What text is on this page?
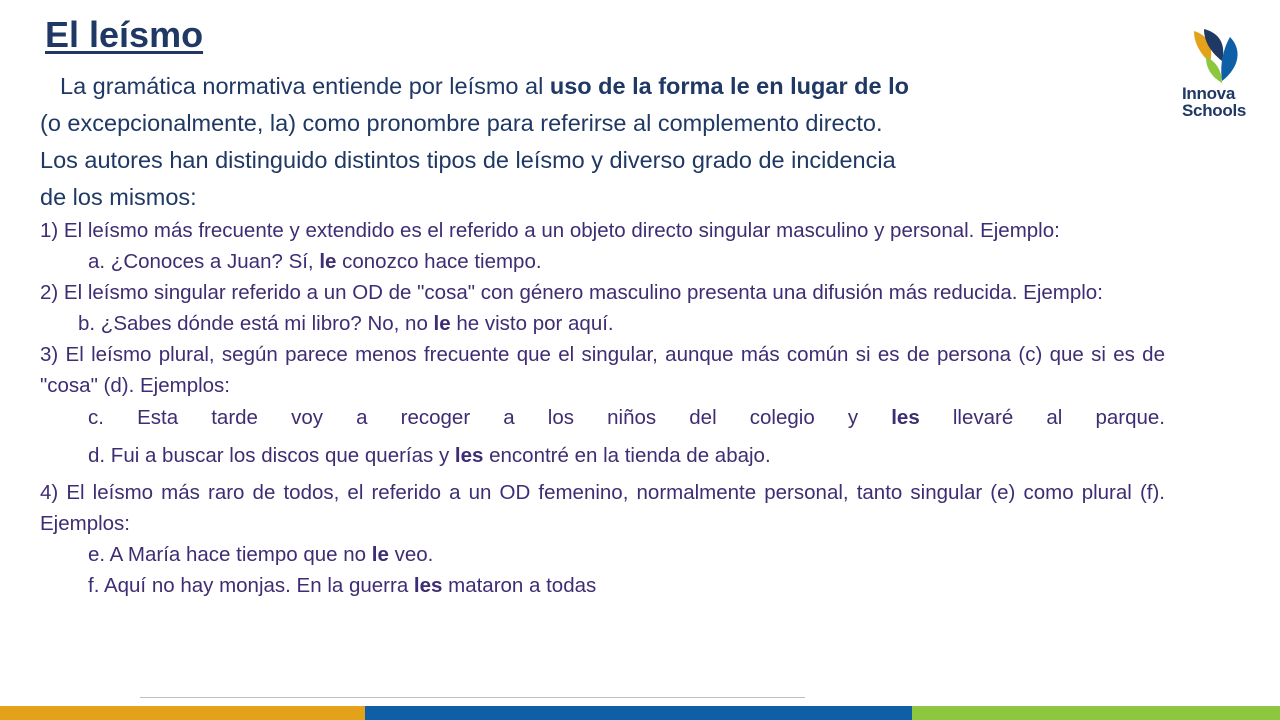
El leísmo
Innova
Schools

La gramática normativa entiende por leísmo al uso de la forma le en lugar de lo

(o excepcionalmente, la) como pronombre para referirse al complemento directo.

Los autores han distinguido distintos tipos de leísmo y diverso grado de incidencia

de los mismos:

1) El leísmo más frecuente y extendido es el referido a un objeto directo singular masculino y personal. Ejemplo:

a. ¿Conoces a Juan? Sí, le conozco hace tiempo.

2) El leísmo singular referido a un OD de "cosa" con género masculino presenta una difusión más reducida. Ejemplo:

b. ¿Sabes dónde está mi libro? No, no le he visto por aquí.

3) El leísmo plural, según parece menos frecuente que el singular, aunque más común si es de persona (c) que si es de "cosa" (d). Ejemplos:

c. Esta tarde voy a recoger a los niños del colegio y les llevaré al parque.

d. Fui a buscar los discos que querías y les encontré en la tienda de abajo.

4) El leísmo más raro de todos, el referido a un OD femenino, normalmente personal, tanto singular (e) como plural (f). Ejemplos:

e. A María hace tiempo que no le veo.

f. Aquí no hay monjas. En la guerra les mataron a todas
